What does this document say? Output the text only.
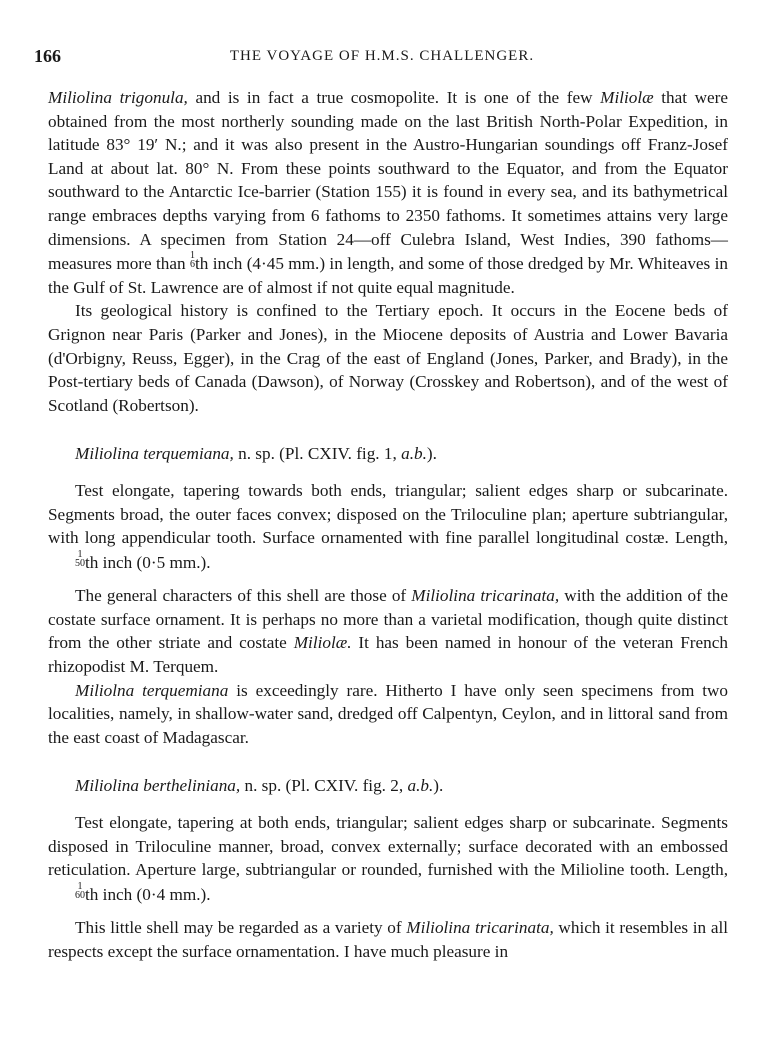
166	THE VOYAGE OF H.M.S. CHALLENGER.

Miliolina trigonula, and is in fact a true cosmopolite. It is one of the few Miliolæ that were obtained from the most northerly sounding made on the last British North-Polar Expedition, in latitude 83° 19′ N.; and it was also present in the Austro-Hungarian soundings off Franz-Josef Land at about lat. 80° N. From these points southward to the Equator, and from the Equator southward to the Antarctic Ice-barrier (Station 155) it is found in every sea, and its bathymetrical range embraces depths varying from 6 fathoms to 2350 fathoms. It sometimes attains very large dimensions. A specimen from Station 24—off Culebra Island, West Indies, 390 fathoms—measures more than 1
6 th inch (4·45 mm.) in length, and some of those dredged by Mr. Whiteaves in the Gulf of St. Lawrence are of almost if not quite equal magnitude.

Its geological history is confined to the Tertiary epoch. It occurs in the Eocene beds of Grignon near Paris (Parker and Jones), in the Miocene deposits of Austria and Lower Bavaria (d'Orbigny, Reuss, Egger), in the Crag of the east of England (Jones, Parker, and Brady), in the Post-tertiary beds of Canada (Dawson), of Norway (Crosskey and Robertson), and of the west of Scotland (Robertson).

Miliolina terquemiana, n. sp. (Pl. CXIV. fig. 1, a.b.).

Test elongate, tapering towards both ends, triangular; salient edges sharp or subcarinate. Segments broad, the outer faces convex; disposed on the Triloculine plan; aperture subtriangular, with long appendicular tooth. Surface ornamented with fine parallel longitudinal costæ. Length,
1
50 th inch (0·5 mm.).

The general characters of this shell are those of Miliolina tricarinata, with the addition of the costate surface ornament. It is perhaps no more than a varietal modification, though quite distinct from the other striate and costate Miliolæ. It has been named in honour of the veteran French rhizopodist M. Terquem.

Miliolna terquemiana is exceedingly rare. Hitherto I have only seen specimens from two localities, namely, in shallow-water sand, dredged off Calpentyn, Ceylon, and in littoral sand from the east coast of Madagascar.

Miliolina bertheliniana, n. sp. (Pl. CXIV. fig. 2, a.b.).

Test elongate, tapering at both ends, triangular; salient edges sharp or subcarinate. Segments disposed in Triloculine manner, broad, convex externally; surface decorated with an embossed reticulation. Aperture large, subtriangular or rounded, furnished with the Milioline tooth. Length,
1
60 th inch (0·4 mm.).

This little shell may be regarded as a variety of Miliolina tricarinata, which it resembles in all respects except the surface ornamentation. I have much pleasure in
